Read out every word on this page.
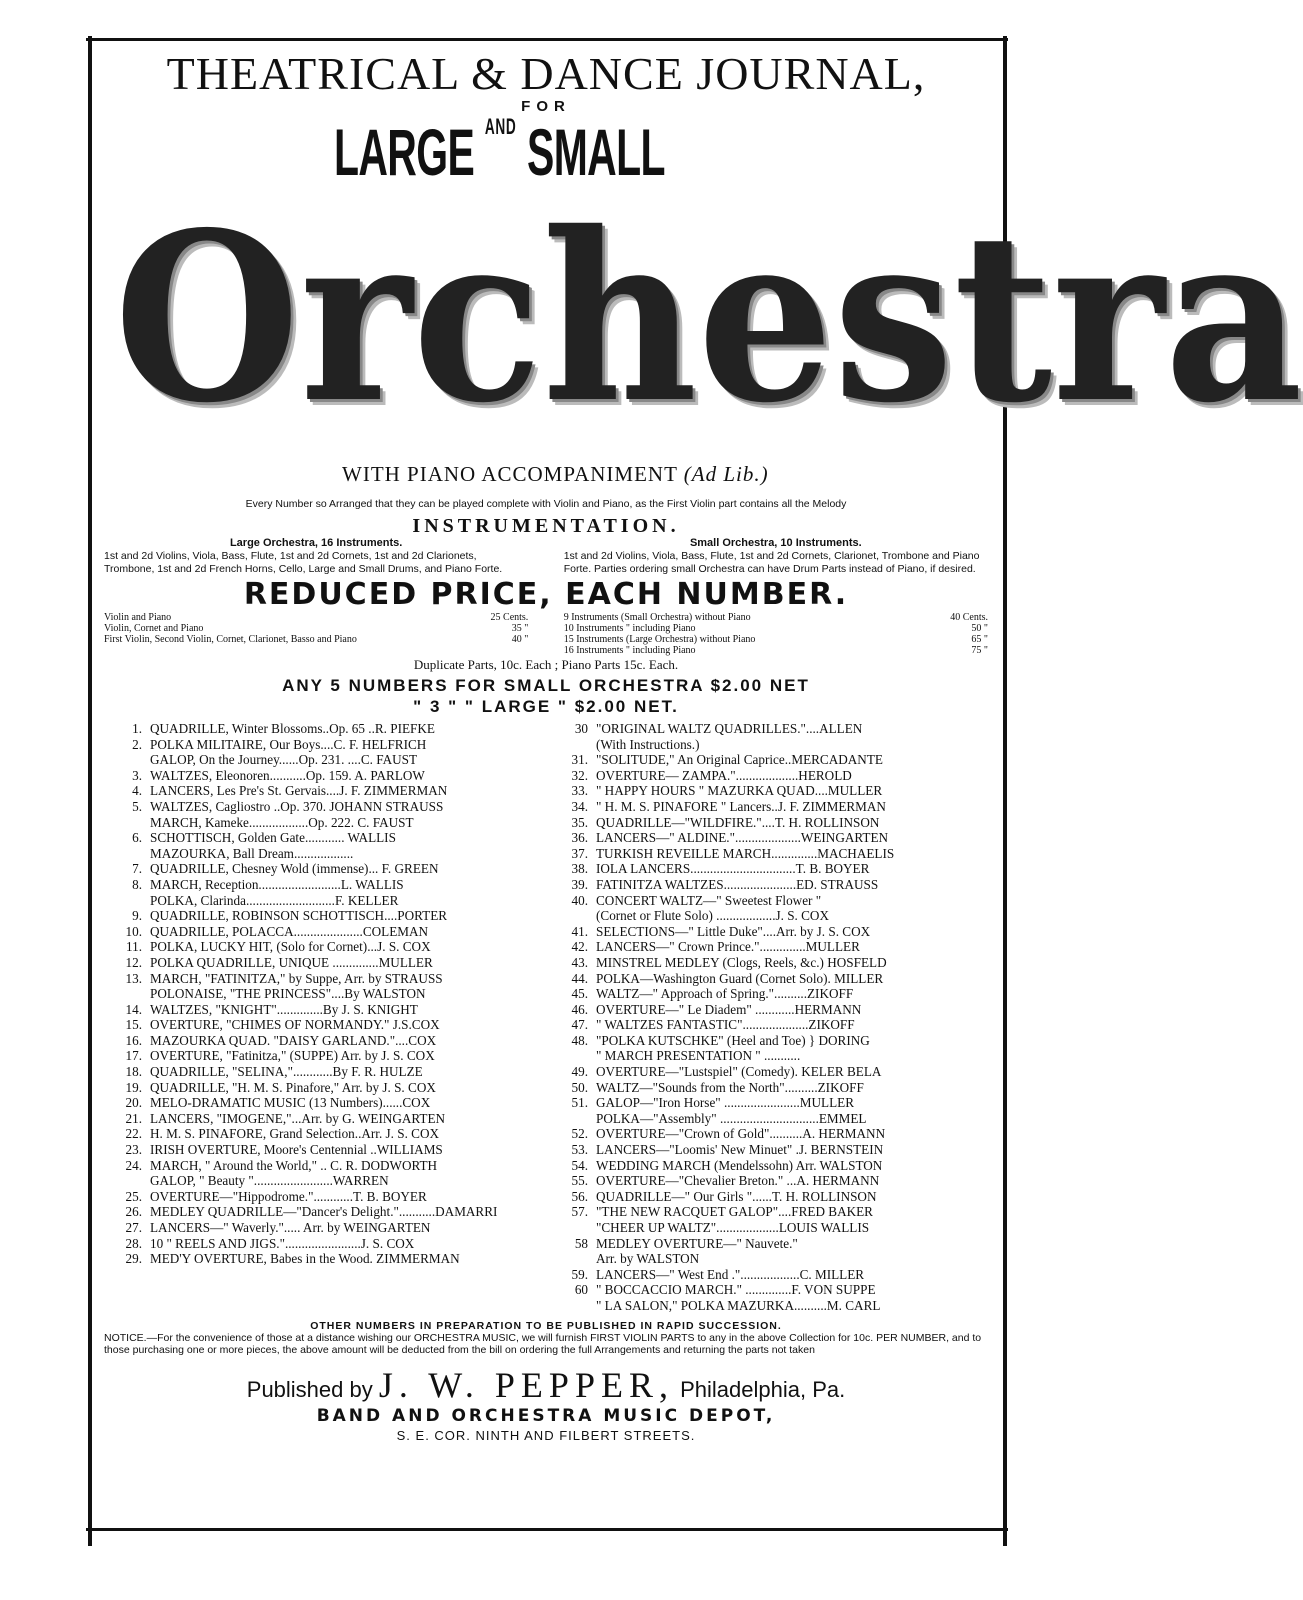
THEATRICAL & DANCE JOURNAL,
FOR
LARGE $^{AND}$ SMALL
Orchestra
WITH PIANO ACCOMPANIMENT (Ad Lib.)
Every Number so Arranged that they can be played complete with Violin and Piano, as the First Violin part contains all the Melody
INSTRUMENTATION.
Large Orchestra, 16 Instruments.
1st and 2d Violins, Viola, Bass, Flute, 1st and 2d Cornets, 1st and 2d Clarionets, Trombone, 1st and 2d French Horns, Cello, Large and Small Drums, and Piano Forte.
Small Orchestra, 10 Instruments.
1st and 2d Violins, Viola, Bass, Flute, 1st and 2d Cornets, Clarionet, Trombone and Piano Forte. Parties ordering small Orchestra can have Drum Parts instead of Piano, if desired.
REDUCED PRICE, EACH NUMBER.
Violin and Piano	25 Cents.
Violin, Cornet and Piano	35 "
First Violin, Second Violin, Cornet, Clarionet, Basso and Piano	40 "
9 Instruments (Small Orchestra) without Piano	40 Cents.
10 Instruments " including Piano	50 "
15 Instruments (Large Orchestra) without Piano	65 "
16 Instruments " including Piano	75 "
Duplicate Parts, 10c. Each ; Piano Parts 15c. Each.
ANY 5 NUMBERS FOR SMALL ORCHESTRA $2.00 NET
" 3 " " LARGE " $2.00 NET.
1. QUADRILLE, Winter Blossoms..Op. 65 ..R. PIEFKE
2. POLKA MILITAIRE, Our Boys....C. F. HELFRICH
GALOP, On the Journey......Op. 231. ....C. FAUST
3. WALTZES, Eleonoren...........Op. 159. A. PARLOW
4. LANCERS, Les Pre's St. Gervais....J. F. ZIMMERMAN
5. WALTZES, Cagliostro ..Op. 370. JOHANN STRAUSS
MARCH, Kameke..................Op. 222. C. FAUST
6. SCHOTTISCH, Golden Gate............ WALLIS
MAZOURKA, Ball Dream..................
7. QUADRILLE, Chesney Wold (immense)... F. GREEN
8. MARCH, Reception.........................L. WALLIS
POLKA, Clarinda...........................F. KELLER
9. QUADRILLE, ROBINSON SCHOTTISCH....PORTER
10. QUADRILLE, POLACCA.....................COLEMAN
11. POLKA, LUCKY HIT, (Solo for Cornet)...J. S. COX
12. POLKA QUADRILLE, UNIQUE ..............MULLER
13. MARCH, "FATINITZA," by Suppe, Arr. by STRAUSS
POLONAISE, "THE PRINCESS"....By WALSTON
14. WALTZES, "KNIGHT"..............By J. S. KNIGHT
15. OVERTURE, "CHIMES OF NORMANDY." J.S.COX
16. MAZOURKA QUAD. "DAISY GARLAND."....COX
17. OVERTURE, "Fatinitza," (SUPPE) Arr. by J. S. COX
18. QUADRILLE, "SELINA,"............By F. R. HULZE
19. QUADRILLE, "H. M. S. Pinafore," Arr. by J. S. COX
20. MELO-DRAMATIC MUSIC (13 Numbers)......COX
21. LANCERS, "IMOGENE,"...Arr. by G. WEINGARTEN
22. H. M. S. PINAFORE, Grand Selection..Arr. J. S. COX
23. IRISH OVERTURE, Moore's Centennial ..WILLIAMS
24. MARCH, " Around the World," .. C. R. DODWORTH
GALOP, " Beauty "........................WARREN
25. OVERTURE—"Hippodrome."............T. B. BOYER
26. MEDLEY QUADRILLE—"Dancer's Delight."...........DAMARRI
27. LANCERS—" Waverly."..... Arr. by WEINGARTEN
28. 10 " REELS AND JIGS.".......................J. S. COX
29. MED'Y OVERTURE, Babes in the Wood. ZIMMERMAN
30 "ORIGINAL WALTZ QUADRILLES."....ALLEN
(With Instructions.)
31. "SOLITUDE," An Original Caprice..MERCADANTE
32. OVERTURE— ZAMPA."...................HEROLD
33. " HAPPY HOURS " MAZURKA QUAD....MULLER
34. " H. M. S. PINAFORE " Lancers..J. F. ZIMMERMAN
35. QUADRILLE—"WILDFIRE."....T. H. ROLLINSON
36. LANCERS—" ALDINE."....................WEINGARTEN
37. TURKISH REVEILLE MARCH..............MACHAELIS
38. IOLA LANCERS................................T. B. BOYER
39. FATINITZA WALTZES......................ED. STRAUSS
40. CONCERT WALTZ—" Sweetest Flower "
(Cornet or Flute Solo) ..................J. S. COX
41. SELECTIONS—" Little Duke"....Arr. by J. S. COX
42. LANCERS—" Crown Prince."..............MULLER
43. MINSTREL MEDLEY (Clogs, Reels, &c.) HOSFELD
44. POLKA—Washington Guard (Cornet Solo). MILLER
45. WALTZ—" Approach of Spring."..........ZIKOFF
46. OVERTURE—" Le Diadem" ............HERMANN
47. " WALTZES FANTASTIC"....................ZIKOFF
48. "POLKA KUTSCHKE" (Heel and Toe) } DORING
" MARCH PRESENTATION " ...........
49. OVERTURE—"Lustspiel" (Comedy). KELER BELA
50. WALTZ—"Sounds from the North"..........ZIKOFF
51. GALOP—"Iron Horse" .......................MULLER
POLKA—"Assembly" ..............................EMMEL
52. OVERTURE—"Crown of Gold"..........A. HERMANN
53. LANCERS—"Loomis' New Minuet" .J. BERNSTEIN
54. WEDDING MARCH (Mendelssohn) Arr. WALSTON
55. OVERTURE—"Chevalier Breton." ...A. HERMANN
56. QUADRILLE—" Our Girls "......T. H. ROLLINSON
57. "THE NEW RACQUET GALOP"....FRED BAKER
"CHEER UP WALTZ"...................LOUIS WALLIS
58 MEDLEY OVERTURE—" Nauvete."
Arr. by WALSTON
59. LANCERS—" West End ."..................C. MILLER
60 " BOCCACCIO MARCH." ..............F. VON SUPPE
" LA SALON," POLKA MAZURKA..........M. CARL
OTHER NUMBERS IN PREPARATION TO BE PUBLISHED IN RAPID SUCCESSION.
NOTICE.—For the convenience of those at a distance wishing our ORCHESTRA MUSIC, we will furnish FIRST VIOLIN PARTS to any in the above Collection for 10c. PER NUMBER, and to those purchasing one or more pieces, the above amount will be deducted from the bill on ordering the full Arrangements and returning the parts not taken
Published by J. W. PEPPER, Philadelphia, Pa.
BAND AND ORCHESTRA MUSIC DEPOT,
S. E. COR. NINTH AND FILBERT STREETS.
